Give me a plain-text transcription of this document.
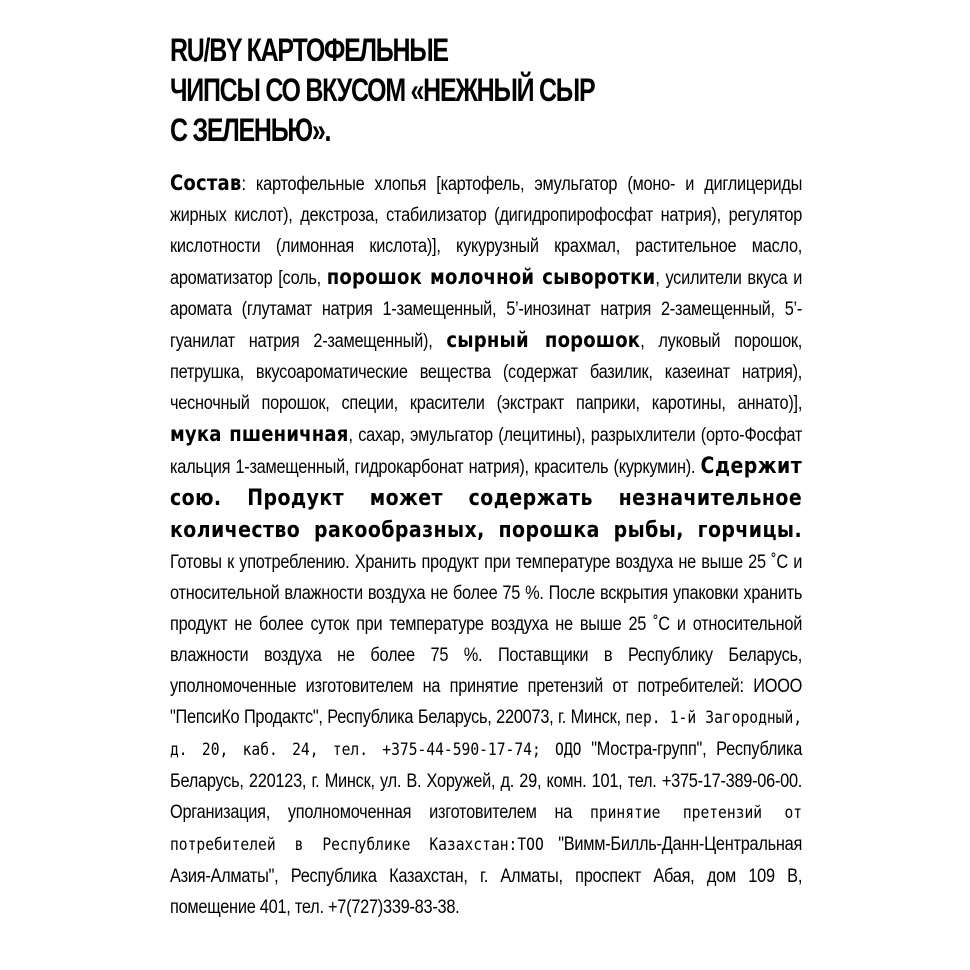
RU/BY КАРТОФЕЛЬНЫЕ
ЧИПСЫ СО ВКУСОМ «НЕЖНЫЙ СЫР
С ЗЕЛЕНЬЮ».
Состав: картофельные хлопья [картофель, эмульгатор (моно- и диглицериды жирных кислот), декстроза, стабилизатор (дигидропирофосфат натрия), регулятор кислотности (лимонная кислота)], кукурузный крахмал, растительное масло, ароматизатор [соль, порошок молочной сыворотки, усилители вкуса и аромата (глутамат натрия 1-замещенный, 5’-инозинат натрия 2-замещенный, 5’-гуанилат натрия 2-замещенный), сырный порошок, луковый порошок, петрушка, вкусоароматические вещества (содержат базилик, казеинат натрия), чесночный порошок, специи, красители (экстракт паприки, каротины, аннато)], мука пшеничная, сахар, эмульгатор (лецитины), разрыхлители (орто-Фосфат кальция 1-замещенный, гидрокарбонат натрия), краситель (куркумин). Сдержит сою. Продукт может содержать незначительное количество ракообразных, порошка рыбы, горчицы. Готовы к употреблению. Хранить продукт при температуре воздуха не выше 25 ˚С и относительной влажности воздуха не более 75 %. После вскрытия упаковки хранить продукт не более суток при температуре воздуха не выше 25 ˚С и относительной влажности воздуха не более 75 %. Поставщики в Республику Беларусь, уполномоченные изготовителем на принятие претензий от потребителей: ИООО "ПепсиКо Продактс", Республика Беларусь, 220073, г. Минск, пер. 1-й Загородный, д. 20, каб. 24, тел. +375-44-590-17-74; ОДО "Мостра-групп", Республика Беларусь, 220123, г. Минск, ул. В. Хоружей, д. 29, комн. 101, тел. +375-17-389-06-00. Организация, уполномоченная изготовителем на принятие претензий от потребителей в Республике Казахстан:ТОО "Вимм-Билль-Данн-Центральная Азия-Алматы", Республика Казахстан, г. Алматы, проспект Абая, дом 109 В, помещение 401, тел. +7(727)339-83-38.
